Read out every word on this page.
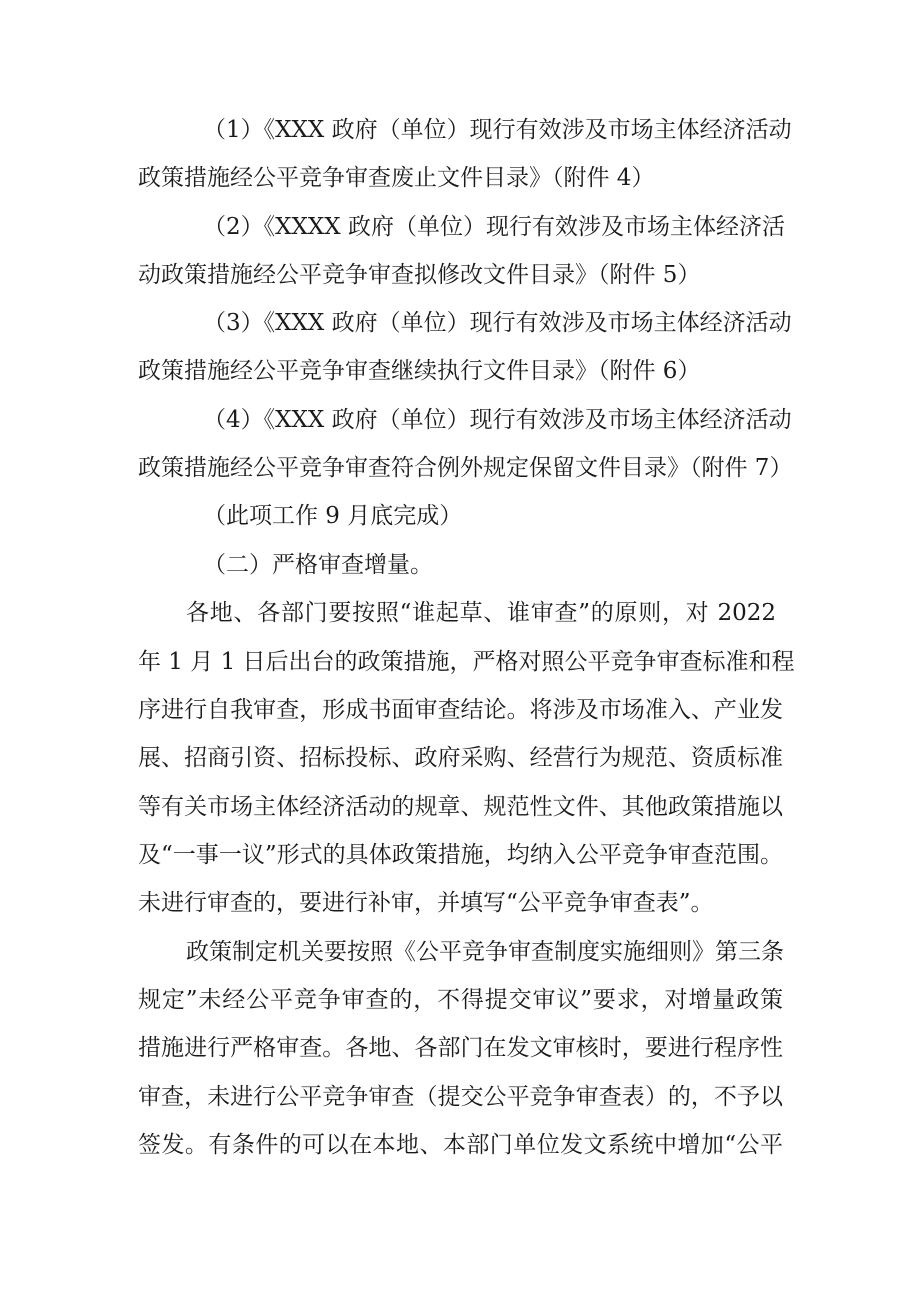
（1）《XXX 政府（单位）现行有效涉及市场主体经济活动
政策措施经公平竞争审查废止文件目录》（附件 4）
（2）《XXXX 政府（单位）现行有效涉及市场主体经济活
动政策措施经公平竞争审查拟修改文件目录》（附件 5）
（3）《XXX 政府（单位）现行有效涉及市场主体经济活动
政策措施经公平竞争审查继续执行文件目录》（附件 6）
（4）《XXX 政府（单位）现行有效涉及市场主体经济活动
政策措施经公平竞争审查符合例外规定保留文件目录》（附件 7）
（此项工作 9 月底完成）
（二）严格审查增量。
各地、各部门要按照“谁起草、谁审查”的原则，对 2022
年 1 月 1 日后出台的政策措施，严格对照公平竞争审查标准和程
序进行自我审查，形成书面审查结论。将涉及市场准入、产业发
展、招商引资、招标投标、政府采购、经营行为规范、资质标准
等有关市场主体经济活动的规章、规范性文件、其他政策措施以
及“一事一议”形式的具体政策措施，均纳入公平竞争审查范围。
未进行审查的，要进行补审，并填写“公平竞争审查表”。
政策制定机关要按照《公平竞争审查制度实施细则》第三条
规定”未经公平竞争审查的，不得提交审议”要求，对增量政策
措施进行严格审查。各地、各部门在发文审核时，要进行程序性
审查，未进行公平竞争审查（提交公平竞争审查表）的，不予以
签发。有条件的可以在本地、本部门单位发文系统中增加“公平
